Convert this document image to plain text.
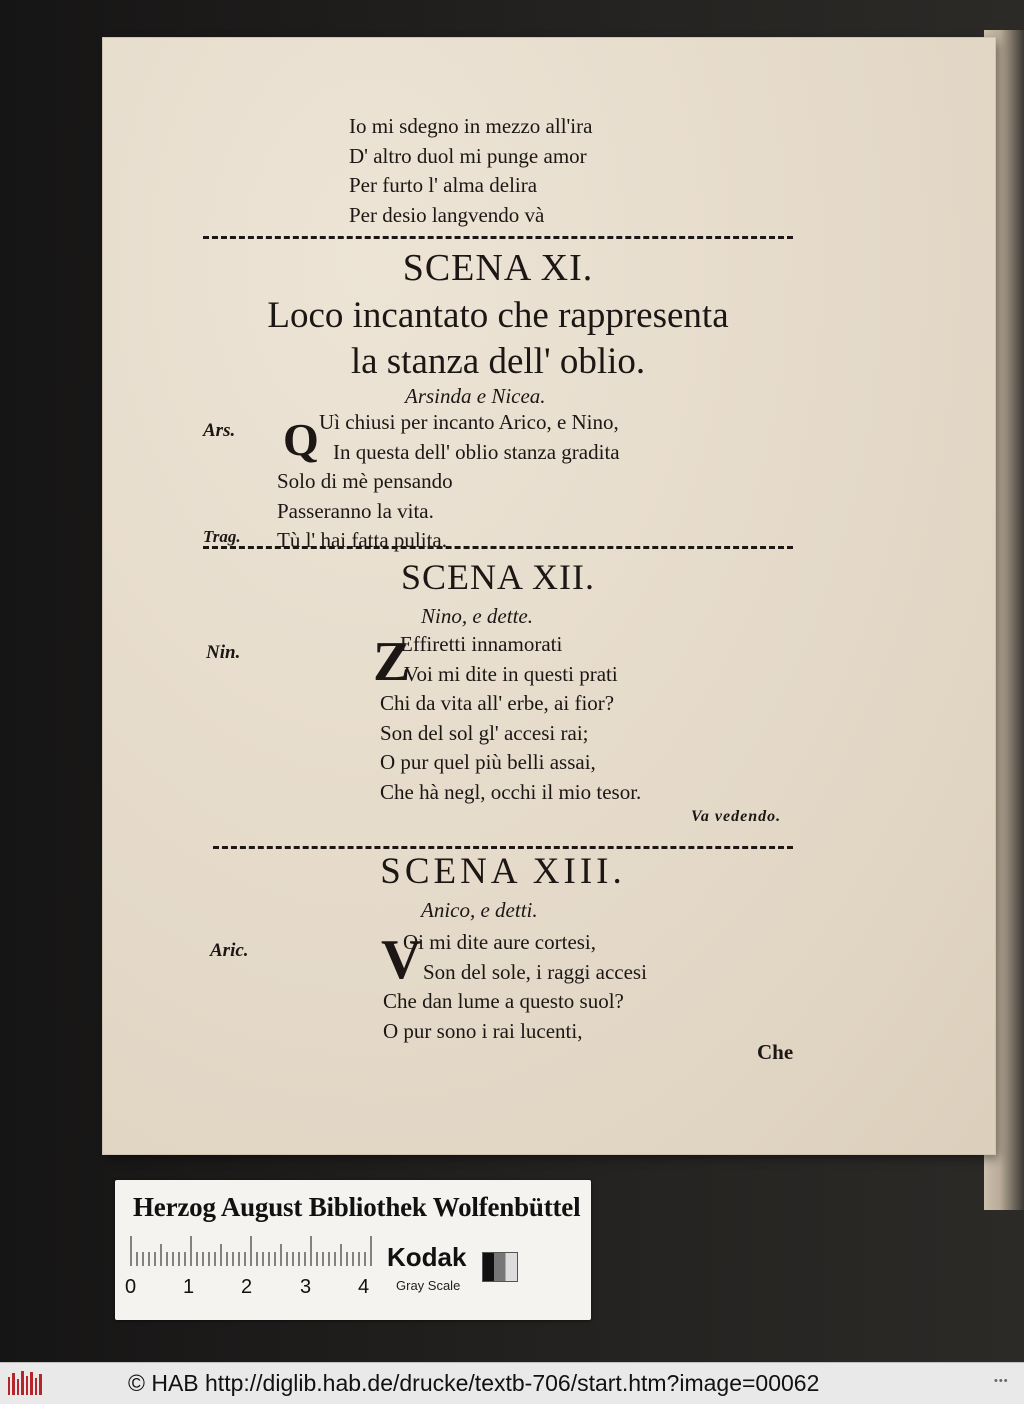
Io mi sdegno in mezzo all'ira
D' altro duol mi punge amor
Per furto l' alma delira
Per desio langvendo và
SCENA XI.
Loco incantato che rappresenta
la stanza dell' oblio.
Arsinda e Nicea.
Ars. Q Uì chiusi per incanto Arico, e Nino,
In questa dell' oblio stanza gradita
Solo di mè pensando
Passeranno la vita.
Tù l' hai fatta pulita.
Trag.
SCENA XII.
Nino, e dette.
Nin. Z
Effiretti innamorati
Voi mi dite in questi prati
Chi da vita all' erbe, ai fior?
Son del sol gl' accesi rai;
O pur quel più belli assai,
Che hà negl, occhi il mio tesor.
Va vedendo.
SCENA XIII.
Anico, e detti.
Aric. V
Oi mi dite aure cortesi,
Son del sole, i raggi accesi
Che dan lume a questo suol?
O pur sono i rai lucenti,
Che
Herzog August Bibliothek Wolfenbüttel
0 1 2 3 4
Kodak
Gray Scale
© HAB http://diglib.hab.de/drucke/textb-706/start.htm?image=00062	•••
